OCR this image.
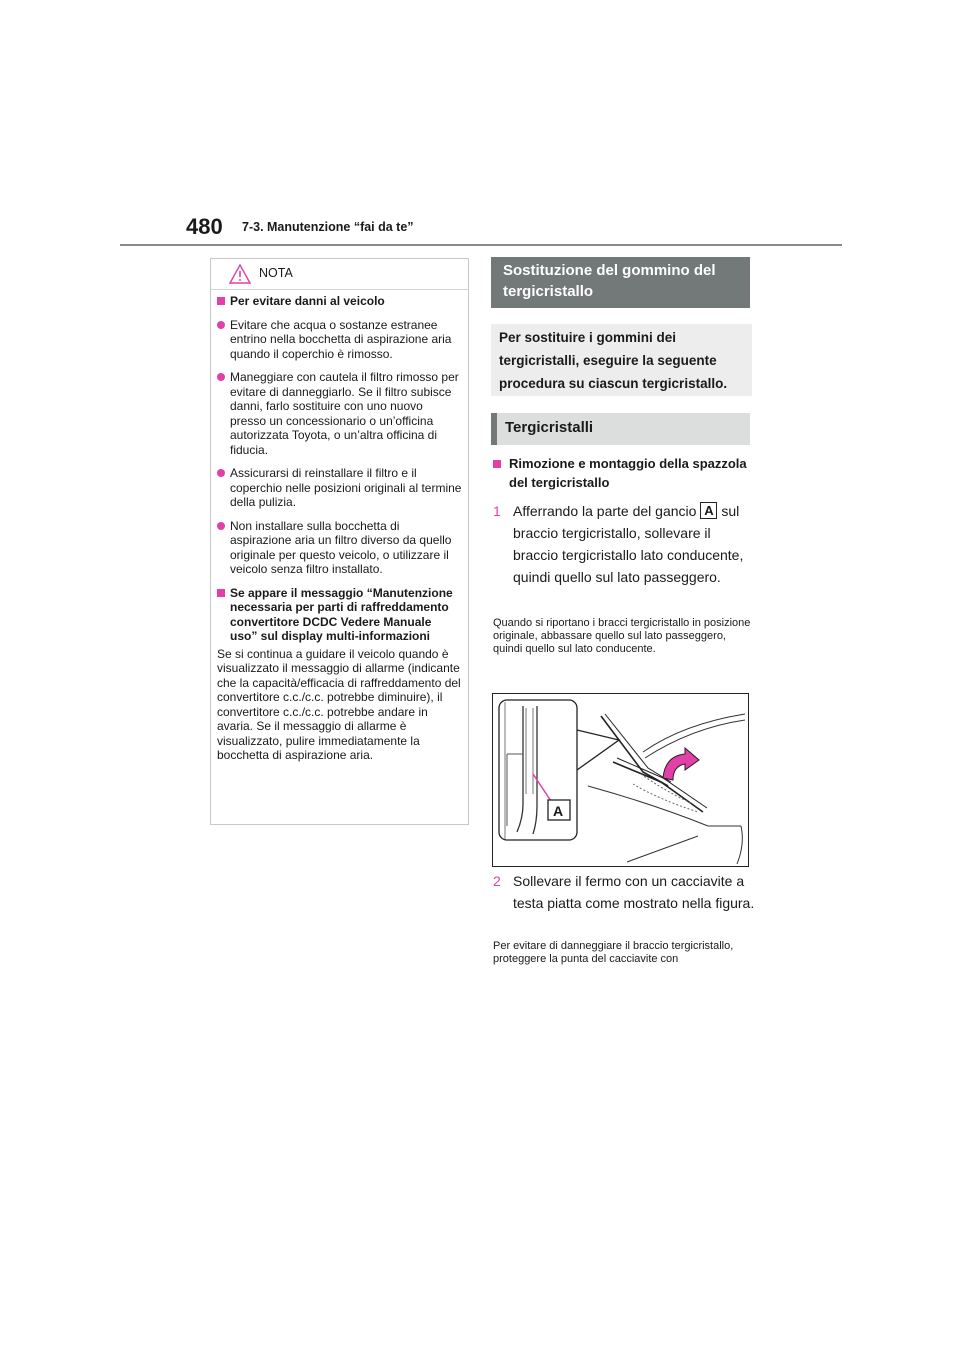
480 7-3. Manutenzione “fai da te”
NOTA
Per evitare danni al veicolo
Evitare che acqua o sostanze estranee entrino nella bocchetta di aspirazione aria quando il coperchio è rimosso.
Maneggiare con cautela il filtro rimosso per evitare di danneggiarlo. Se il filtro subisce danni, farlo sostituire con uno nuovo presso un concessionario o un’officina autorizzata Toyota, o un’altra officina di fiducia.
Assicurarsi di reinstallare il filtro e il coperchio nelle posizioni originali al termine della pulizia.
Non installare sulla bocchetta di aspirazione aria un filtro diverso da quello originale per questo veicolo, o utilizzare il veicolo senza filtro installato.
Se appare il messaggio “Manutenzione necessaria per parti di raffreddamento convertitore DCDC Vedere Manuale uso” sul display multi-informazioni
Se si continua a guidare il veicolo quando è visualizzato il messaggio di allarme (indicante che la capacità/efficacia di raffreddamento del convertitore c.c./c.c. potrebbe diminuire), il convertitore c.c./c.c. potrebbe andare in avaria. Se il messaggio di allarme è visualizzato, pulire immediatamente la bocchetta di aspirazione aria.
Sostituzione del gommino del tergicristallo
Per sostituire i gommini dei tergicristalli, eseguire la seguente procedura su ciascun tergicristallo.
Tergicristalli
Rimozione e montaggio della spazzola del tergicristallo
1 Afferrando la parte del gancio A sul braccio tergicristallo, sollevare il braccio tergicristallo lato conducente, quindi quello sul lato passeggero.
Quando si riportano i bracci tergicristallo in posizione originale, abbassare quello sul lato passeggero, quindi quello sul lato conducente.
A
2 Sollevare il fermo con un cacciavite a testa piatta come mostrato nella figura.
Per evitare di danneggiare il braccio tergicristallo, proteggere la punta del cacciavite con
